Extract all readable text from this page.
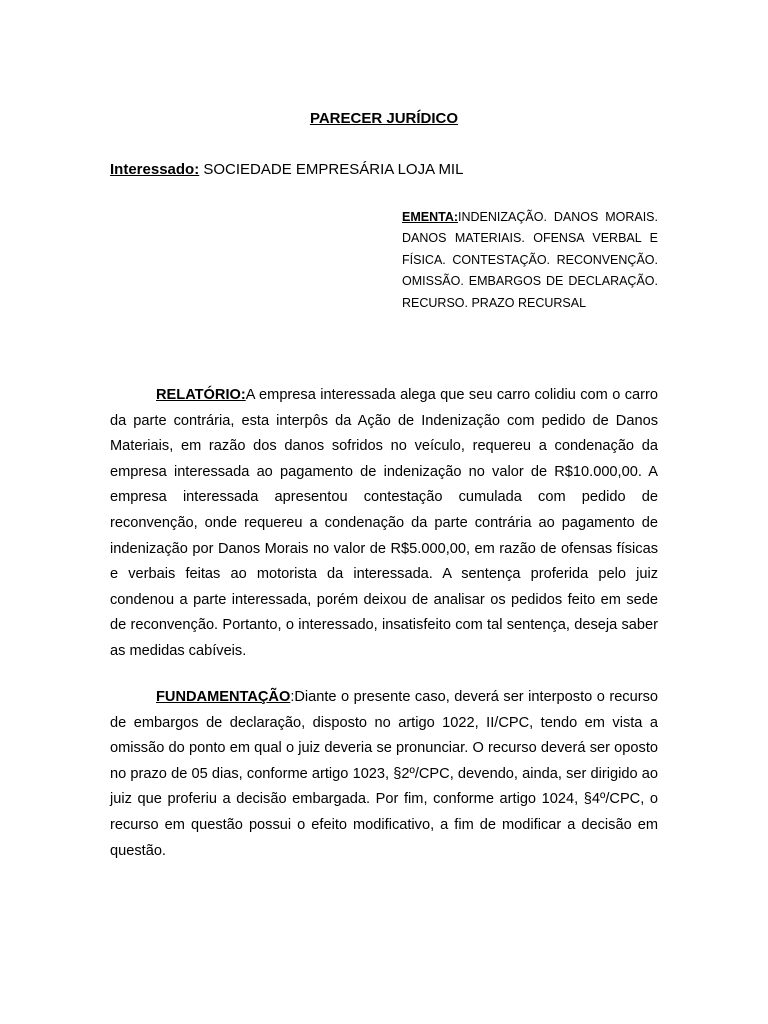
PARECER JURÍDICO
Interessado: SOCIEDADE EMPRESÁRIA LOJA MIL
EMENTA:INDENIZAÇÃO. DANOS MORAIS. DANOS MATERIAIS. OFENSA VERBAL E FÍSICA. CONTESTAÇÃO. RECONVENÇÃO. OMISSÃO. EMBARGOS DE DECLARAÇÃO. RECURSO. PRAZO RECURSAL

RELATÓRIO:A empresa interessada alega que seu carro colidiu com o carro da parte contrária, esta interpôs da Ação de Indenização com pedido de Danos Materiais, em razão dos danos sofridos no veículo, requereu a condenação da empresa interessada ao pagamento de indenização no valor de R$10.000,00. A empresa interessada apresentou contestação cumulada com pedido de reconvenção, onde requereu a condenação da parte contrária ao pagamento de indenização por Danos Morais no valor de R$5.000,00, em razão de ofensas físicas e verbais feitas ao motorista da interessada. A sentença proferida pelo juiz condenou a parte interessada, porém deixou de analisar os pedidos feito em sede de reconvenção. Portanto, o interessado, insatisfeito com tal sentença, deseja saber as medidas cabíveis.

FUNDAMENTAÇÃO:Diante o presente caso, deverá ser interposto o recurso de embargos de declaração, disposto no artigo 1022, II/CPC, tendo em vista a omissão do ponto em qual o juiz deveria se pronunciar. O recurso deverá ser oposto no prazo de 05 dias, conforme artigo 1023, §2º/CPC, devendo, ainda, ser dirigido ao juiz que proferiu a decisão embargada. Por fim, conforme artigo 1024, §4º/CPC, o recurso em questão possui o efeito modificativo, a fim de modificar a decisão em questão.
